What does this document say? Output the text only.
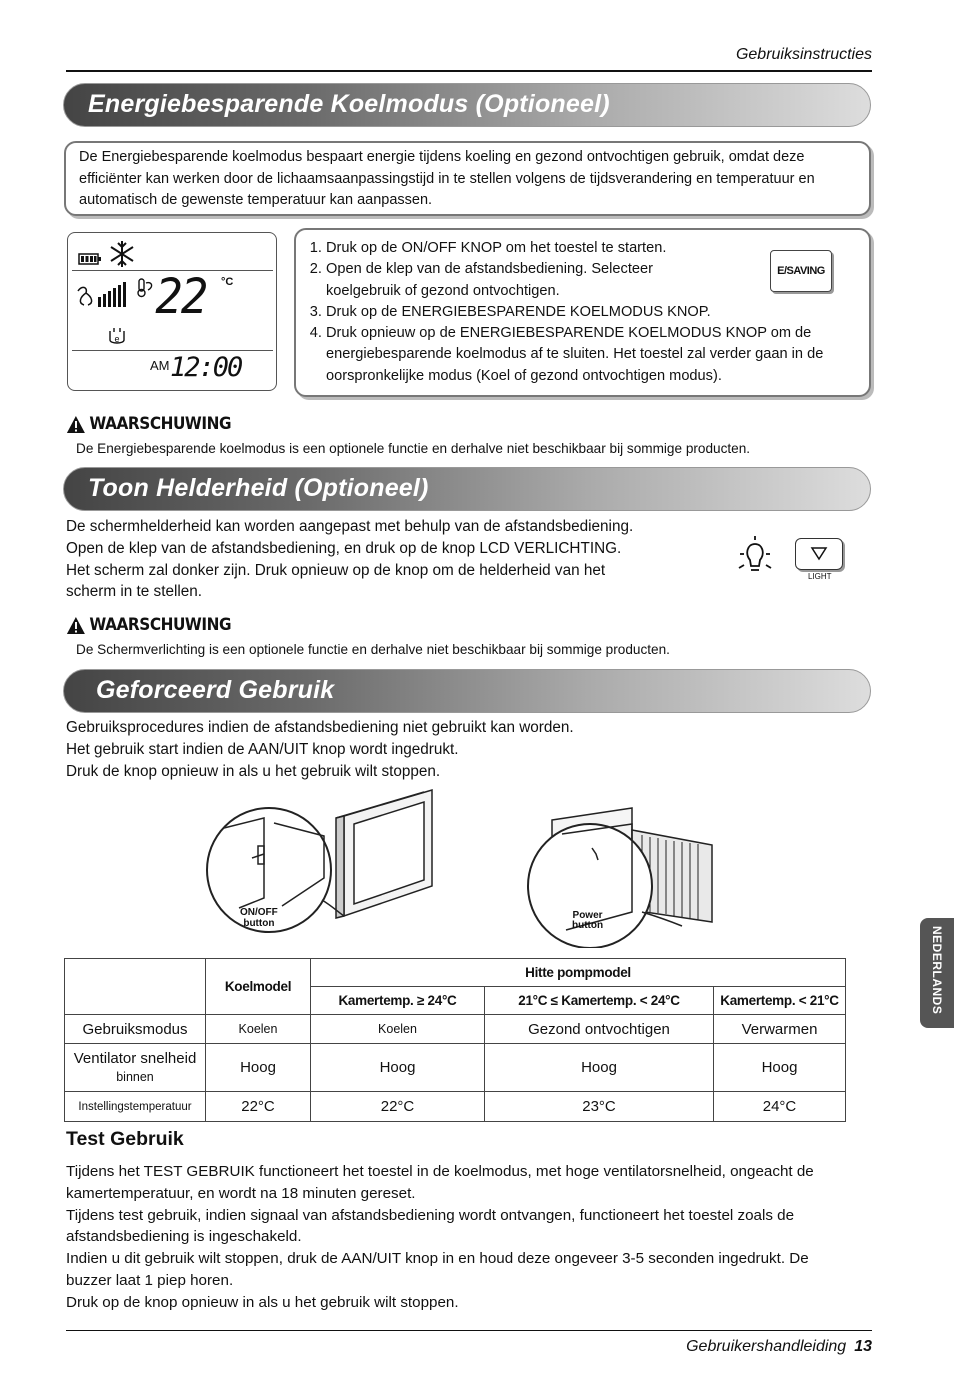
Gebruiksinstructies
Energiebesparende Koelmodus (Optioneel)
De Energiebesparende koelmodus bespaart energie tijdens koeling en gezond ontvochtigen gebruik, omdat deze efficiënter kan werken door de lichaamsaanpassingstijd in te stellen volgens de tijdsverandering en temperatuur en automatisch de gewenste temperatuur kan aanpassen.
22 °C
e
AM 12:00
1. Druk op de ON/OFF KNOP om het toestel te starten.
2. Open de klep van de afstandsbediening. Selecteer koelgebruik of gezond ontvochtigen.
3. Druk op de ENERGIEBESPARENDE KOELMODUS KNOP.
4. Druk opnieuw op de ENERGIEBESPARENDE KOELMODUS KNOP om de energiebesparende koelmodus af te sluiten. Het toestel zal verder gaan in de oorspronkelijke modus (Koel of gezond ontvochtigen modus).
E/SAVING
WAARSCHUWING
De Energiebesparende koelmodus is een optionele functie en derhalve niet beschikbaar bij sommige producten.
Toon Helderheid (Optioneel)
De schermhelderheid kan worden aangepast met behulp van de afstandsbediening.
Open de klep van de afstandsbediening, en druk op de knop LCD VERLICHTING.
Het scherm zal donker zijn. Druk opnieuw op de knop om de helderheid van het
scherm in te stellen.
LIGHT
WAARSCHUWING
De Schermverlichting is een optionele functie en derhalve niet beschikbaar bij sommige producten.
Geforceerd Gebruik
Gebruiksprocedures indien de afstandsbediening niet gebruikt kan worden.
Het gebruik start indien de AAN/UIT knop wordt ingedrukt.
Druk de knop opnieuw in als u het gebruik wilt stoppen.
ON/OFF
button
Power
button
	Koelmodel	Hitte pompmodel		
		Kamertemp. ≥ 24°C	21°C ≤ Kamertemp. < 24°C	Kamertemp. < 21°C
Gebruiksmodus	Koelen	Koelen	Gezond ontvochtigen	Verwarmen

Ventilator snelheid
binnen	Hoog	Hoog	Hoog	Hoog
Instellingstemperatuur	22°C	22°C	23°C	24°C
Test Gebruik
Tijdens het TEST GEBRUIK functioneert het toestel in de koelmodus, met hoge ventilatorsnelheid, ongeacht de
kamertemperatuur, en wordt na 18 minuten gereset.
Tijdens test gebruik, indien signaal van afstandsbediening wordt ontvangen, functioneert het toestel zoals de
afstandsbediening is ingeschakeld.
Indien u dit gebruik wilt stoppen, druk de AAN/UIT knop in en houd deze ongeveer 3-5 seconden ingedrukt. De
buzzer laat 1 piep horen.
Druk op de knop opnieuw in als u het gebruik wilt stoppen.
NEDERLANDS
Gebruikershandleiding 13
